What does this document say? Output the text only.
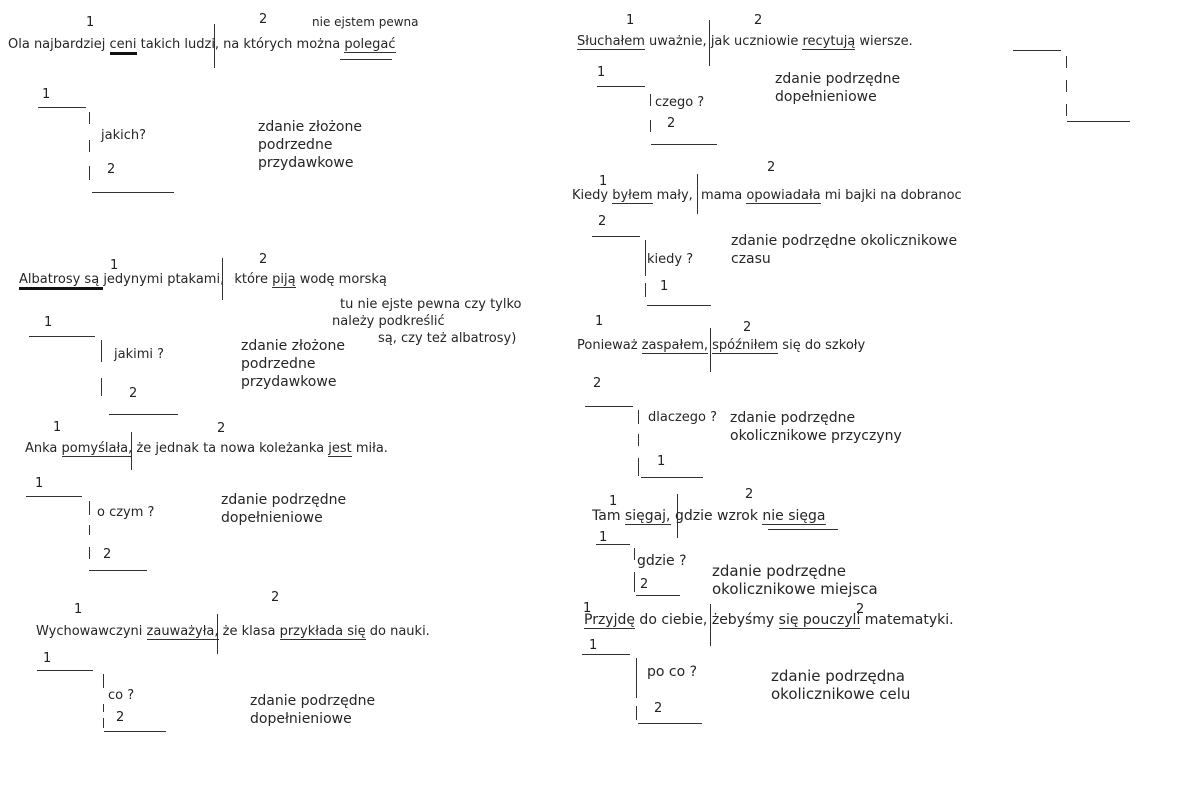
1	2	nie ejstem pewna
Ola najbardziej ceni takich ludzi, na których można polegać
1
jakich?
2
zdanie złożone
podrzedne
przydawkowe
1	2
Albatrosy są jedynymi ptakami, które piją wodę morską
tu nie ejste pewna czy tylko
należy podkreślić
są, czy też albatrosy)
1
jakimi ?
2
zdanie złożone
podrzedne
przydawkowe
1	2
Anka pomyślała, że jednak ta nowa koleżanka jest miła.
1
o czym ?
2
zdanie podrzędne
dopełnieniowe
1
2
Wychowawczyni zauważyła, że klasa przykłada się do nauki.
1
co ?
2
zdanie podrzędne
dopełnieniowe
1	2
Słuchałem uważnie, jak uczniowie recytują wiersze.
1
czego ?
2
zdanie podrzędne
dopełnieniowe
1
2
Kiedy byłem mały, mama opowiadała mi bajki na dobranoc
2
kiedy ?
1
zdanie podrzędne okolicznikowe
czasu
1	2
Ponieważ zaspałem, spóźniłem się do szkoły
2
dlaczego ?
1
zdanie podrzędne
okolicznikowe przyczyny
1	2
Tam sięgaj, gdzie wzrok nie sięga
1
gdzie ?
2
zdanie podrzędne
okolicznikowe miejsca
1	2
Przyjdę do ciebie, żebyśmy się pouczyli matematyki.
1
po co ?
2
zdanie podrzędna
okolicznikowe celu
